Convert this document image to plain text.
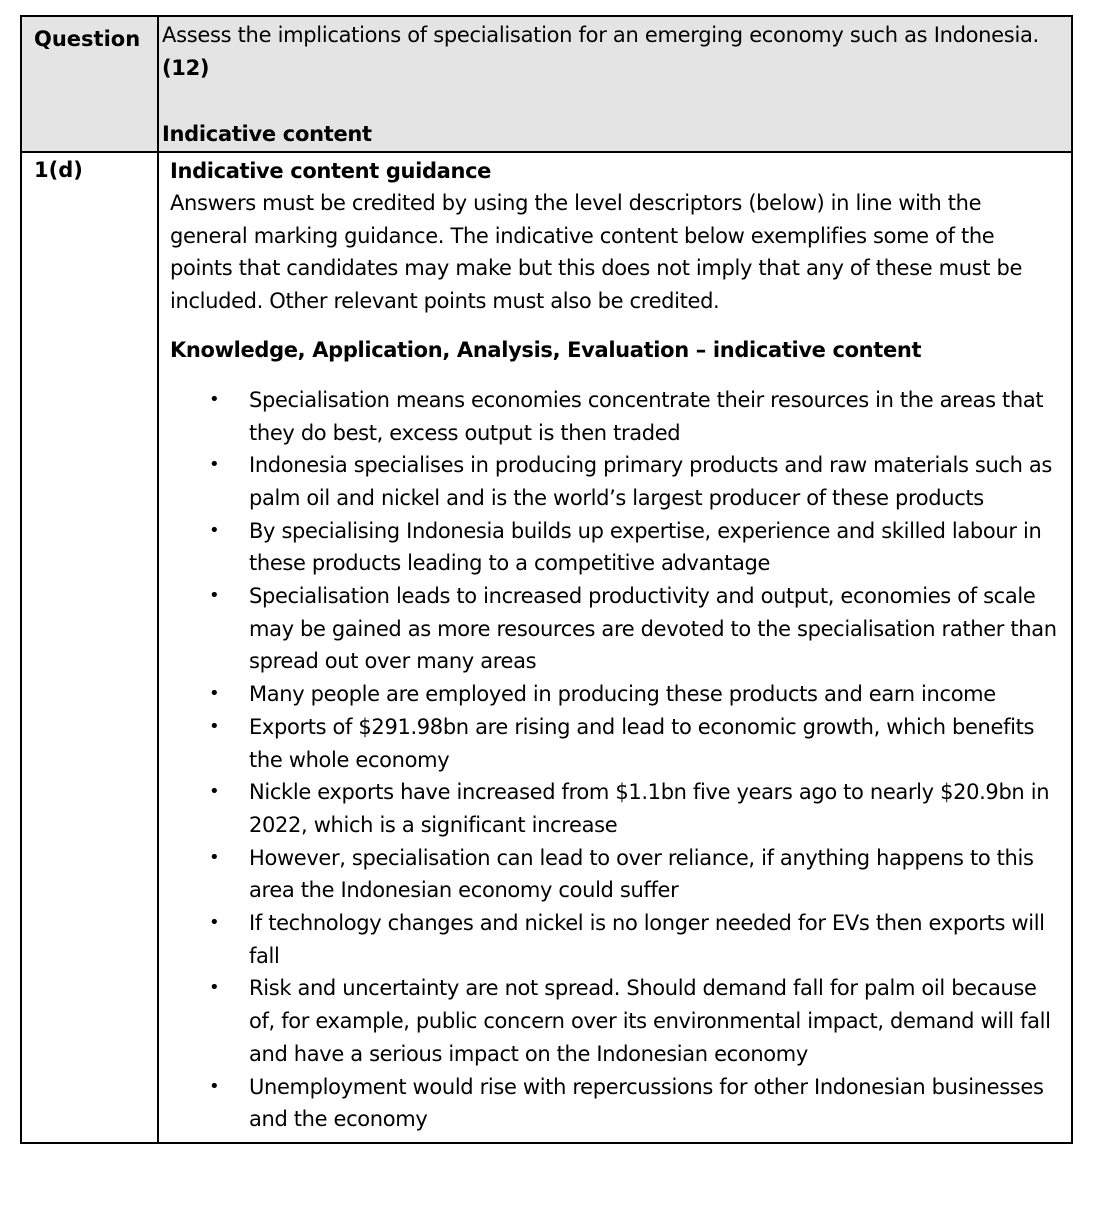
Question	Assess the implications of specialisation for an emerging economy such as Indonesia.  (12)
Indicative content

1(d)	Indicative content guidance

Answers must be credited by using the level descriptors (below) in line with the general marking guidance. The indicative content below exemplifies some of the points that candidates may make but this does not imply that any of these must be included. Other relevant points must also be credited.

Knowledge, Application, Analysis, Evaluation – indicative content
• Specialisation means economies concentrate their resources in the areas that they do best, excess output is then traded
• Indonesia specialises in producing primary products and raw materials such as palm oil and nickel and is the world’s largest producer of these products
• By specialising Indonesia builds up expertise, experience and skilled labour in these products leading to a competitive advantage
• Specialisation leads to increased productivity and output, economies of scale may be gained as more resources are devoted to the specialisation rather than spread out over many areas
• Many people are employed in producing these products and earn income
• Exports of $291.98bn are rising and lead to economic growth, which benefits the whole economy
• Nickle exports have increased from $1.1bn five years ago to nearly $20.9bn in 2022, which is a significant increase
• However, specialisation can lead to over reliance, if anything happens to this area the Indonesian economy could suffer
• If technology changes and nickel is no longer needed for EVs then exports will fall
• Risk and uncertainty are not spread. Should demand fall for palm oil because of, for example, public concern over its environmental impact, demand will fall and have a serious impact on the Indonesian economy
• Unemployment would rise with repercussions for other Indonesian businesses and the economy
